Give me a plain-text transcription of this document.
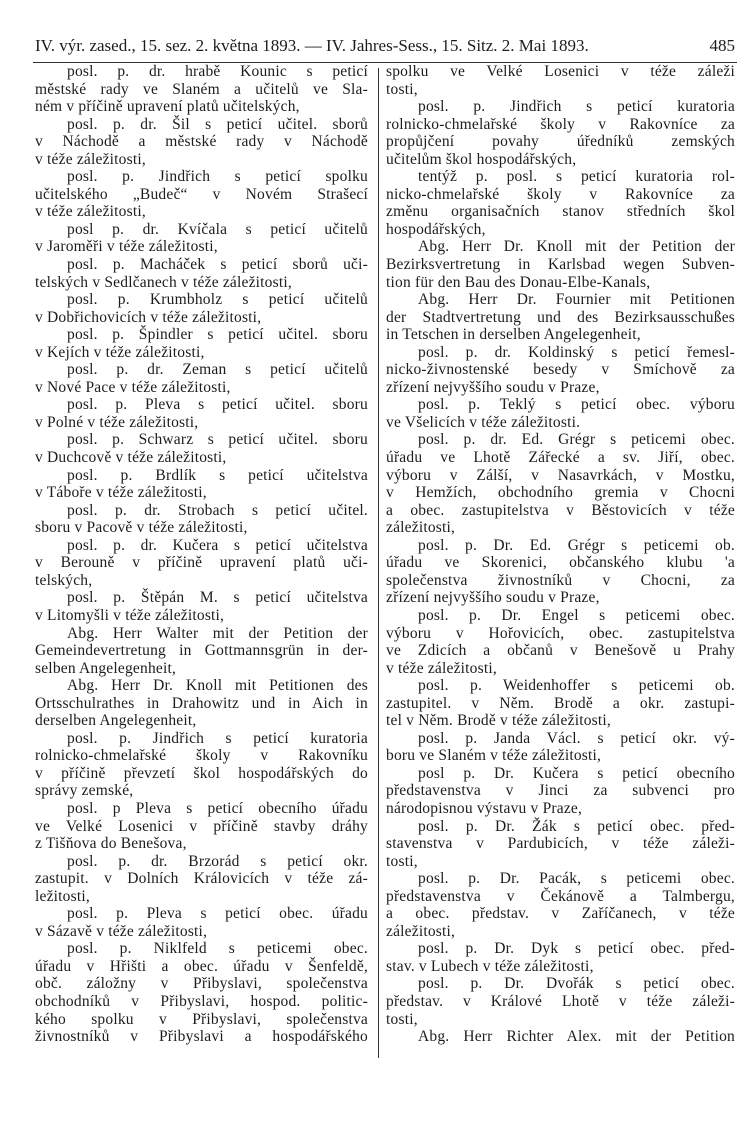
IV. výr. zased., 15. sez. 2. května 1893. — IV. Jahres-Sess., 15. Sitz. 2. Mai 1893.	485
posl. p. dr. hrabě Kounic s peticí
městské rady ve Slaném a učitelů ve Sla-
ném v příčině upravení platů učitelských,
posl. p. dr. Šil s peticí učitel. sborů
v Náchodě a městské rady v Náchodě
v téže záležitosti,
posl. p. Jindřich s peticí spolku
učitelského „Budeč“ v Novém Strašecí
v téže záležitosti,
posl p. dr. Kvíčala s peticí učitelů
v Jaroměři v téže záležitosti,
posl. p. Macháček s peticí sborů uči-
telských v Sedlčanech v téže záležitosti,
posl. p. Krumbholz s peticí učitelů
v Dobřichovicích v téže záležitosti,
posl. p. Špindler s peticí učitel. sboru
v Kejích v téže záležitosti,
posl. p. dr. Zeman s peticí učitelů
v Nové Pace v téže záležitosti,
posl. p. Pleva s peticí učitel. sboru
v Polné v téže záležitosti,
posl. p. Schwarz s peticí učitel. sboru
v Duchcově v téže záležitosti,
posl. p. Brdlík s peticí učitelstva
v Táboře v téže záležitosti,
posl. p. dr. Strobach s peticí učitel.
sboru v Pacově v téže záležitosti,
posl. p. dr. Kučera s peticí učitelstva
v Berouně v příčině upravení platů uči-
telských,
posl. p. Štěpán M. s peticí učitelstva
v Litomyšli v téže záležitosti,
Abg. Herr Walter mit der Petition der
Gemeindevertretung in Gottmannsgrün in der-
selben Angelegenheit,
Abg. Herr Dr. Knoll mit Petitionen des
Ortsschulrathes in Drahowitz und in Aich in
derselben Angelegenheit,
posl. p. Jindřich s peticí kuratoria
rolnicko-chmelařské školy v Rakovníku
v příčině převzetí škol hospodářských do
správy zemské,
posl. p Pleva s peticí obecního úřadu
ve Velké Losenici v příčině stavby dráhy
z Tišňova do Benešova,
posl. p. dr. Brzorád s peticí okr.
zastupit. v Dolních Královicích v téže zá-
ležitosti,
posl. p. Pleva s peticí obec. úřadu
v Sázavě v téže záležitosti,
posl. p. Niklfeld s peticemi obec.
úřadu v Hřišti a obec. úřadu v Šenfeldě,
obč. záložny v Přibyslavi, společenstva
obchodníků v Přibyslavi, hospod. politic-
kého spolku v Přibyslavi, společenstva
živnostníků v Přibyslavi a hospodářského
spolku ve Velké Losenici v téže záleži
tosti,
posl. p. Jindřich s peticí kuratoria
rolnicko-chmelařské školy v Rakovníce za
propůjčení povahy úředníků zemských
učitelům škol hospodářských,
tentýž p. posl. s peticí kuratoria rol-
nicko-chmelařské školy v Rakovníce za
změnu organisačních stanov středních škol
hospodářských,
Abg. Herr Dr. Knoll mit der Petition der
Bezirksvertretung in Karlsbad wegen Subven-
tion für den Bau des Donau-Elbe-Kanals,
Abg. Herr Dr. Fournier mit Petitionen
der Stadtvertretung und des Bezirksausschußes
in Tetschen in derselben Angelegenheit,
posl. p. dr. Koldinský s peticí řemesl-
nicko-živnostenské besedy v Smíchově za
zřízení nejvyššího soudu v Praze,
posl. p. Teklý s peticí obec. výboru
ve Všelicích v téže záležitosti.
posl. p. dr. Ed. Grégr s peticemi obec.
úřadu ve Lhotě Zářecké a sv. Jiří, obec.
výboru v Zálší, v Nasavrkách, v Mostku,
v Hemžích, obchodního gremia v Chocni
a obec. zastupitelstva v Běstovicích v téže
záležitosti,
posl. p. Dr. Ed. Grégr s peticemi ob.
úřadu ve Skorenici, občanského klubu 'a
společenstva živnostníků v Chocni, za
zřízení nejvyššího soudu v Praze,
posl. p. Dr. Engel s peticemi obec.
výboru v Hořovicích, obec. zastupitelstva
ve Zdicích a občanů v Benešově u Prahy
v téže záležitosti,
posl. p. Weidenhoffer s peticemi ob.
zastupitel. v Něm. Brodě a okr. zastupi-
tel v Něm. Brodě v téže záležitosti,
posl. p. Janda Václ. s peticí okr. vý-
boru ve Slaném v téže záležitosti,
posl p. Dr. Kučera s peticí obecního
představenstva v Jinci za subvenci pro
národopisnou výstavu v Praze,
posl. p. Dr. Žák s peticí obec. před-
stavenstva v Pardubicích, v téže záleži-
tosti,
posl. p. Dr. Pacák, s peticemi obec.
představenstva v Čekánově a Talmbergu,
a obec. představ. v Zaříčanech, v téže
záležitosti,
posl. p. Dr. Dyk s peticí obec. před-
stav. v Lubech v téže záležitosti,
posl. p. Dr. Dvořák s peticí obec.
představ. v Králové Lhotě v téže záleži-
tosti,
Abg. Herr Richter Alex. mit der Petition
